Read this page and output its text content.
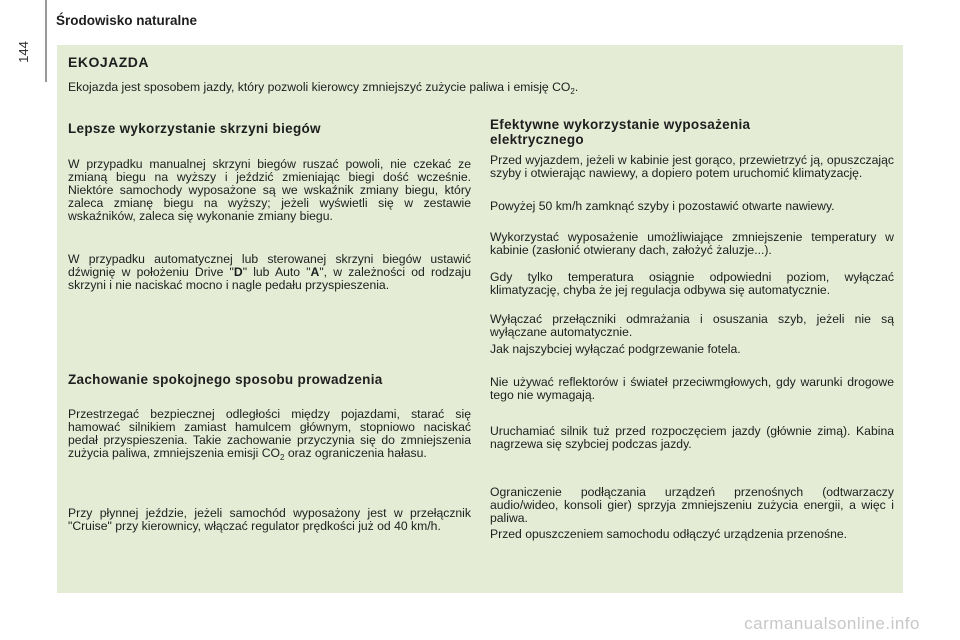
144
Środowisko naturalne
EKOJAZDA
Ekojazda jest sposobem jazdy, który pozwoli kierowcy zmniejszyć zużycie paliwa i emisję $CO_2$.
Lepsze wykorzystanie skrzyni biegów

W przypadku manualnej skrzyni biegów ruszać powoli, nie czekać ze zmianą biegu na wyższy i jeździć zmieniając biegi dość wcześnie. Niektóre samochody wyposażone są we wskaźnik zmiany biegu, który zaleca zmianę biegu na wyższy; jeżeli wyświetli się w zestawie wskaźników, zaleca się wykonanie zmiany biegu.

W przypadku automatycznej lub sterowanej skrzyni biegów ustawić dźwignię w położeniu Drive "D" lub Auto "A", w zależności od rodzaju skrzyni i nie naciskać mocno i nagle pedału przyspieszenia.

Zachowanie spokojnego sposobu prowadzenia

Przestrzegać bezpiecznej odległości między pojazdami, starać się hamować silnikiem zamiast hamulcem głównym, stopniowo naciskać pedał przyspieszenia. Takie zachowanie przyczynia się do zmniejszenia zużycia paliwa, zmniejszenia emisji $CO_2$ oraz ograniczenia hałasu.

Przy płynnej jeździe, jeżeli samochód wyposażony jest w przełącznik "Cruise" przy kierownicy, włączać regulator prędkości już od 40 km/h.

Efektywne wykorzystanie wyposażenia
elektrycznego

Przed wyjazdem, jeżeli w kabinie jest gorąco, przewietrzyć ją, opuszczając szyby i otwierając nawiewy, a dopiero potem uruchomić klimatyzację.

Powyżej 50 km/h zamknąć szyby i pozostawić otwarte nawiewy.

Wykorzystać wyposażenie umożliwiające zmniejszenie temperatury w kabinie (zasłonić otwierany dach, założyć żaluzje...).

Gdy tylko temperatura osiągnie odpowiedni poziom, wyłączać klimatyzację, chyba że jej regulacja odbywa się automatycznie.

Wyłączać przełączniki odmrażania i osuszania szyb, jeżeli nie są wyłączane automatycznie.

Jak najszybciej wyłączać podgrzewanie fotela.

Nie używać reflektorów i świateł przeciwmgłowych, gdy warunki drogowe tego nie wymagają.

Uruchamiać silnik tuż przed rozpoczęciem jazdy (głównie zimą). Kabina nagrzewa się szybciej podczas jazdy.

Ograniczenie podłączania urządzeń przenośnych (odtwarzaczy audio/wideo, konsoli gier) sprzyja zmniejszeniu zużycia energii, a więc i paliwa.

Przed opuszczeniem samochodu odłączyć urządzenia przenośne.

carmanualsonline.info
